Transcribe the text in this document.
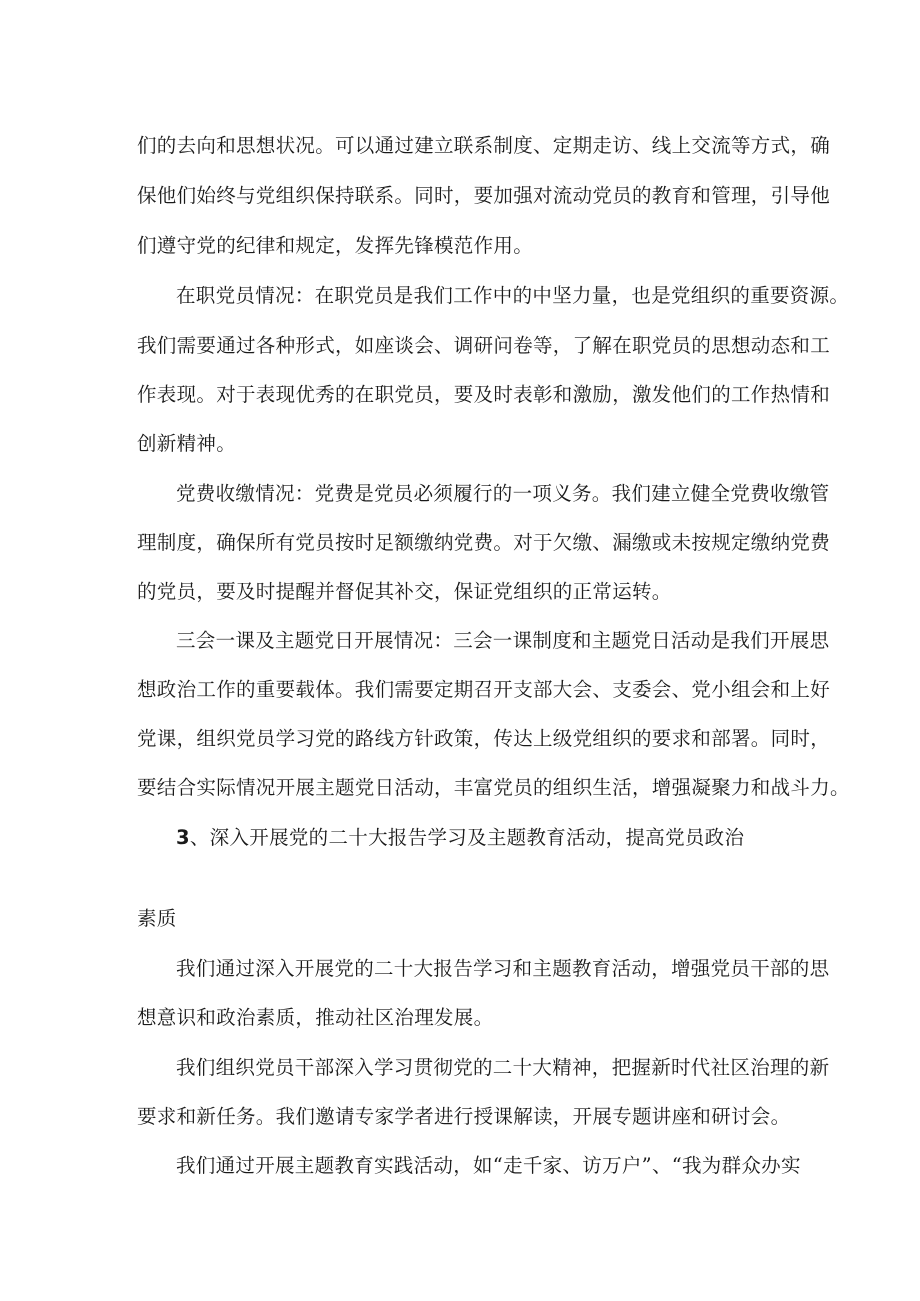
们的去向和思想状况。可以通过建立联系制度、定期走访、线上交流等方式，确
保他们始终与党组织保持联系。同时，要加强对流动党员的教育和管理，引导他
们遵守党的纪律和规定，发挥先锋模范作用。
在职党员情况：在职党员是我们工作中的中坚力量，也是党组织的重要资源。
我们需要通过各种形式，如座谈会、调研问卷等，了解在职党员的思想动态和工
作表现。对于表现优秀的在职党员，要及时表彰和激励，激发他们的工作热情和
创新精神。
党费收缴情况：党费是党员必须履行的一项义务。我们建立健全党费收缴管
理制度，确保所有党员按时足额缴纳党费。对于欠缴、漏缴或未按规定缴纳党费
的党员，要及时提醒并督促其补交，保证党组织的正常运转。
三会一课及主题党日开展情况：三会一课制度和主题党日活动是我们开展思
想政治工作的重要载体。我们需要定期召开支部大会、支委会、党小组会和上好
党课，组织党员学习党的路线方针政策，传达上级党组织的要求和部署。同时，
要结合实际情况开展主题党日活动，丰富党员的组织生活，增强凝聚力和战斗力。
3、深入开展党的二十大报告学习及主题教育活动，提高党员政治
素质
我们通过深入开展党的二十大报告学习和主题教育活动，增强党员干部的思
想意识和政治素质，推动社区治理发展。
我们组织党员干部深入学习贯彻党的二十大精神，把握新时代社区治理的新
要求和新任务。我们邀请专家学者进行授课解读，开展专题讲座和研讨会。
我们通过开展主题教育实践活动，如“走千家、访万户”、“我为群众办实
